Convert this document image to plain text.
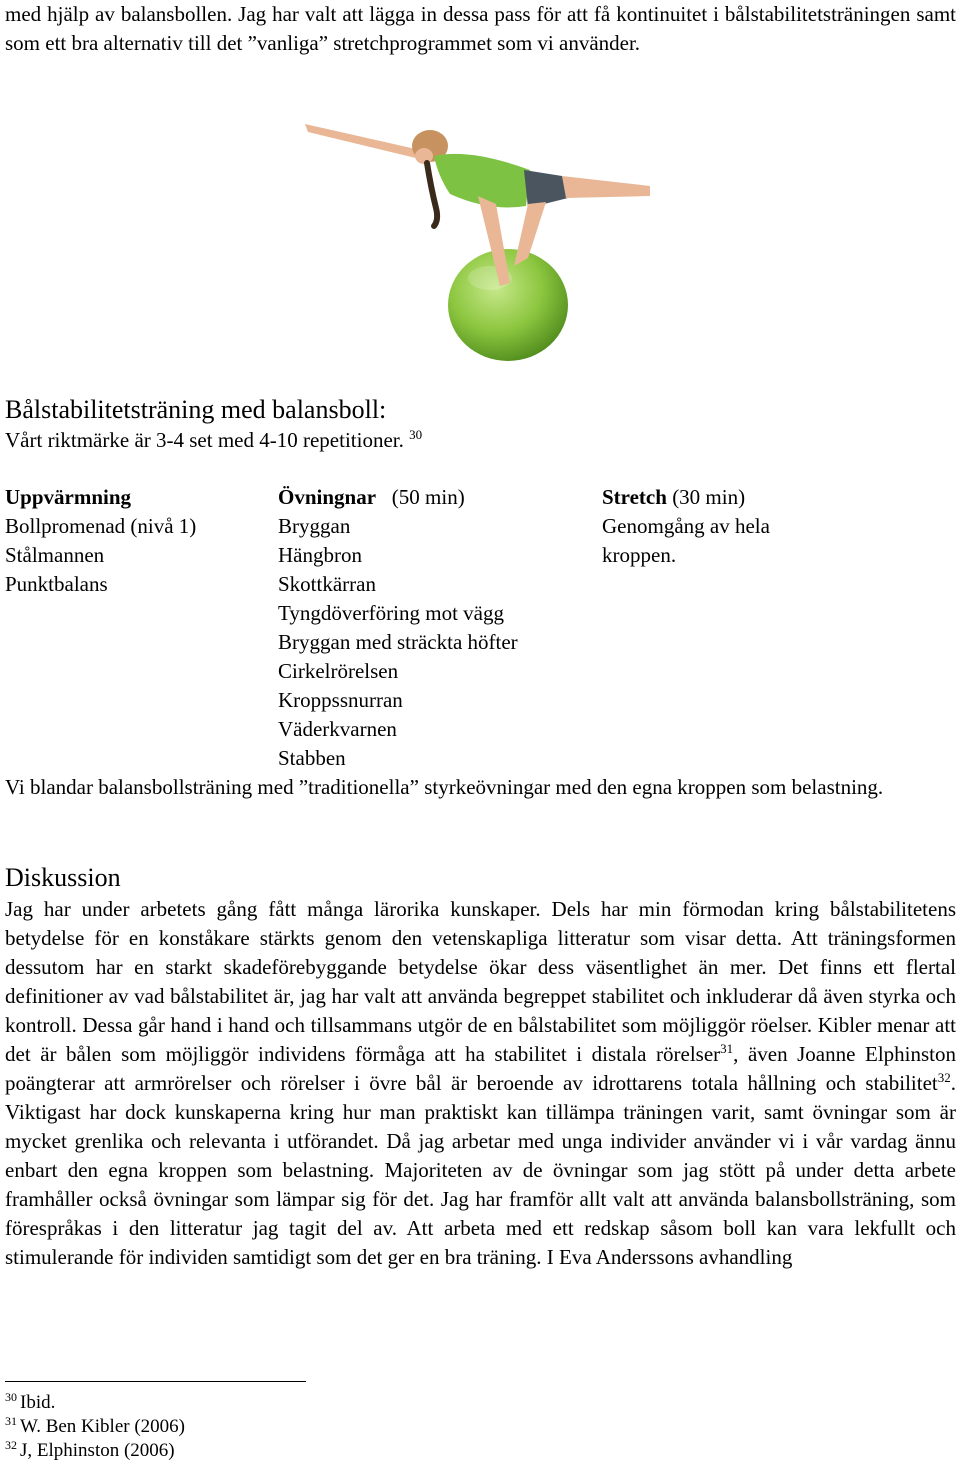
med hjälp av balansbollen. Jag har valt att lägga in dessa pass för att få kontinuitet i bålstabilitetsträningen samt som ett bra alternativ till det ”vanliga” stretchprogrammet som vi använder.

Bålstabilitetsträning med balansboll:

Vårt riktmärke är 3-4 set med 4-10 repetitioner. $^{30}$

Uppvärmning
Bollpromenad (nivå 1)
Stålmannen
Punktbalans
Övningnar (50 min)
Bryggan
Hängbron
Skottkärran
Tyngdöverföring mot vägg
Bryggan med sträckta höfter
Cirkelrörelsen
Kroppssnurran
Väderkvarnen
Stabben
Stretch (30 min)
Genomgång av hela
kroppen.

Vi blandar balansbollsträning med ”traditionella” styrkeövningar med den egna kroppen som belastning.

Diskussion

Jag har under arbetets gång fått många lärorika kunskaper. Dels har min förmodan kring bålstabilitetens betydelse för en konståkare stärkts genom den vetenskapliga litteratur som visar detta. Att träningsformen dessutom har en starkt skadeförebyggande betydelse ökar dess väsentlighet än mer. Det finns ett flertal definitioner av vad bålstabilitet är, jag har valt att använda begreppet stabilitet och inkluderar då även styrka och kontroll. Dessa går hand i hand och tillsammans utgör de en bålstabilitet som möjliggör röelser. Kibler menar att det är bålen som möjliggör individens förmåga att ha stabilitet i distala rörelser$^{31}$, även Joanne Elphinston poängterar att armrörelser och rörelser i övre bål är beroende av idrottarens totala hållning och stabilitet$^{32}$. Viktigast har dock kunskaperna kring hur man praktiskt kan tillämpa träningen varit, samt övningar som är mycket grenlika och relevanta i utförandet. Då jag arbetar med unga individer använder vi i vår vardag ännu enbart den egna kroppen som belastning. Majoriteten av de övningar som jag stött på under detta arbete framhåller också övningar som lämpar sig för det. Jag har framför allt valt att använda balansbollsträning, som förespråkas i den litteratur jag tagit del av. Att arbeta med ett redskap såsom boll kan vara lekfullt och stimulerande för individen samtidigt som det ger en bra träning. I Eva Anderssons avhandling

$^{30}$ Ibid.
$^{31}$ W. Ben Kibler (2006)
$^{32}$ J, Elphinston (2006)
